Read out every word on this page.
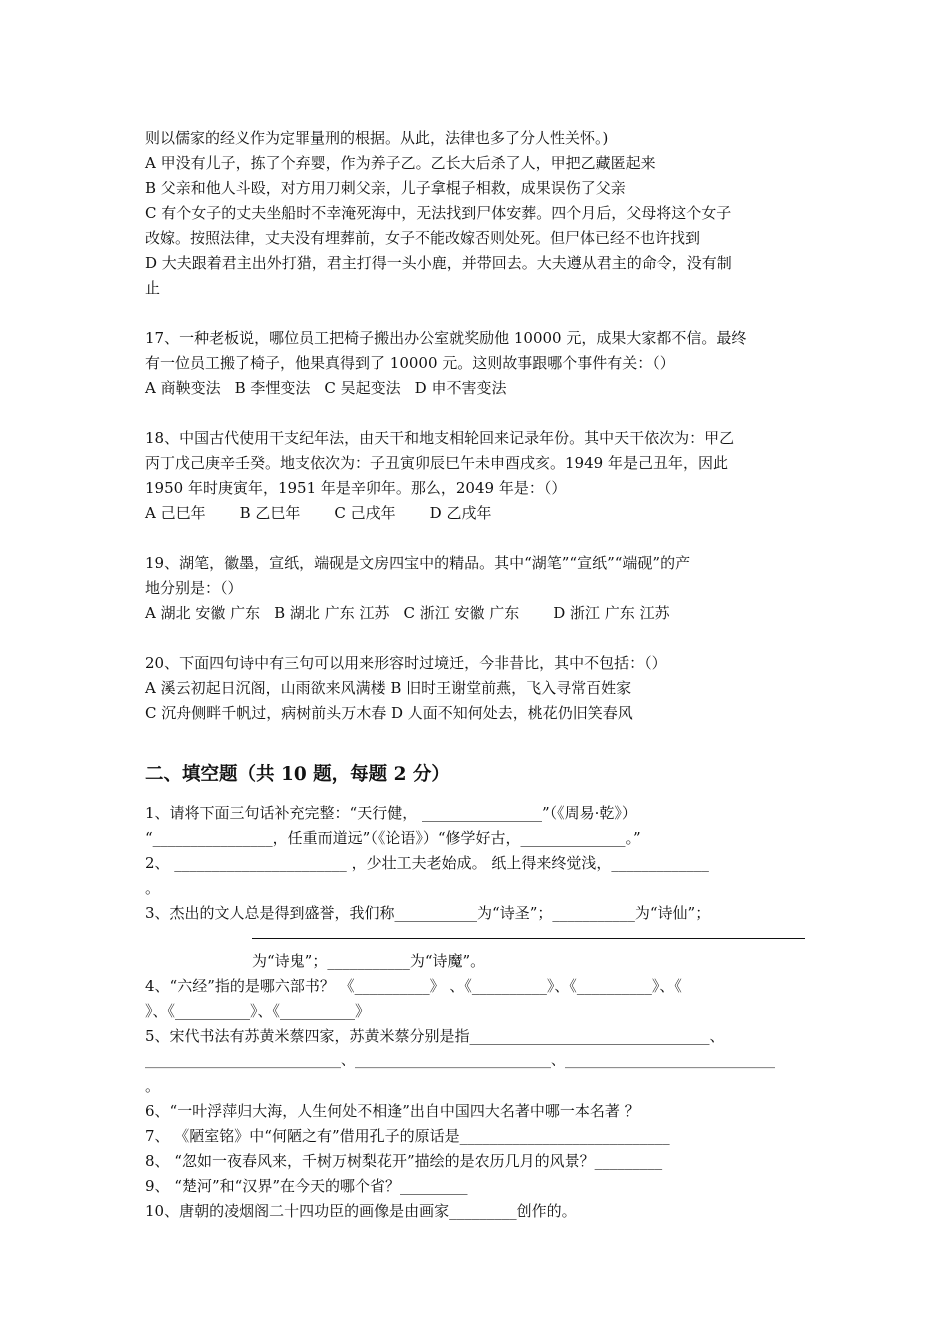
则以儒家的经义作为定罪量刑的根据。从此，法律也多了分人性关怀。)
A 甲没有儿子，拣了个弃婴，作为养子乙。乙长大后杀了人，甲把乙藏匿起来
B 父亲和他人斗殴，对方用刀刺父亲，儿子拿棍子相救，成果误伤了父亲
C 有个女子的丈夫坐船时不幸淹死海中，无法找到尸体安葬。四个月后，父母将这个女子
改嫁。按照法律，丈夫没有埋葬前，女子不能改嫁否则处死。但尸体已经不也许找到
D 大夫跟着君主出外打猎，君主打得一头小鹿，并带回去。大夫遵从君主的命令，没有制
止
17、一种老板说，哪位员工把椅子搬出办公室就奖励他 10000 元，成果大家都不信。最终
有一位员工搬了椅子，他果真得到了 10000 元。这则故事跟哪个事件有关：（）
A 商鞅变法 B 李悝变法 C 吴起变法 D 申不害变法
18、中国古代使用干支纪年法，由天干和地支相轮回来记录年份。其中天干依次为：甲乙
丙丁戊己庚辛壬癸。地支依次为：子丑寅卯辰巳午未申酉戌亥。1949 年是己丑年，因此
1950 年时庚寅年，1951 年是辛卯年。那么，2049 年是：（）
A 己巳年 B 乙巳年 C 己戌年 D 乙戌年
19、湖笔，徽墨，宣纸，端砚是文房四宝中的精品。其中“湖笔”“宣纸”“端砚”的产
地分别是：（）
A 湖北 安徽 广东 B 湖北 广东 江苏 C 浙江 安徽 广东 D 浙江 广东 江苏
20、下面四句诗中有三句可以用来形容时过境迁，今非昔比，其中不包括：（）
A 溪云初起日沉阁，山雨欲来风满楼 B 旧时王谢堂前燕，飞入寻常百姓家
C 沉舟侧畔千帆过，病树前头万木春 D 人面不知何处去，桃花仍旧笑春风
二、填空题（共 10 题，每题 2 分）
1、请将下面三句话补充完整：“天行健， ________________”（《周易·乾》）
“________________，任重而道远”（《论语》）“修学好古，______________。”
2、 _______________________ ，少壮工夫老始成。 纸上得来终觉浅，_____________
。
3、杰出的文人总是得到盛誉，我们称___________为“诗圣”；___________为“诗仙”；
为“诗鬼”；___________为“诗魔”。
4、“六经”指的是哪六部书？ 《__________》 、《__________》、《__________》、《
》、《__________》、《__________》
5、宋代书法有苏黄米蔡四家，苏黄米蔡分别是指________________________________、
____________________________、____________________________、______________________________
。
6、“一叶浮萍归大海，人生何处不相逢”出自中国四大名著中哪一本名著 ？
7、 《陋室铭》中“何陋之有”借用孔子的原话是____________________________
8、 “忽如一夜春风来，千树万树梨花开”描绘的是农历几月的风景？_________
9、 “楚河”和“汉界”在今天的哪个省？_________
10、唐朝的凌烟阁二十四功臣的画像是由画家_________创作的。
